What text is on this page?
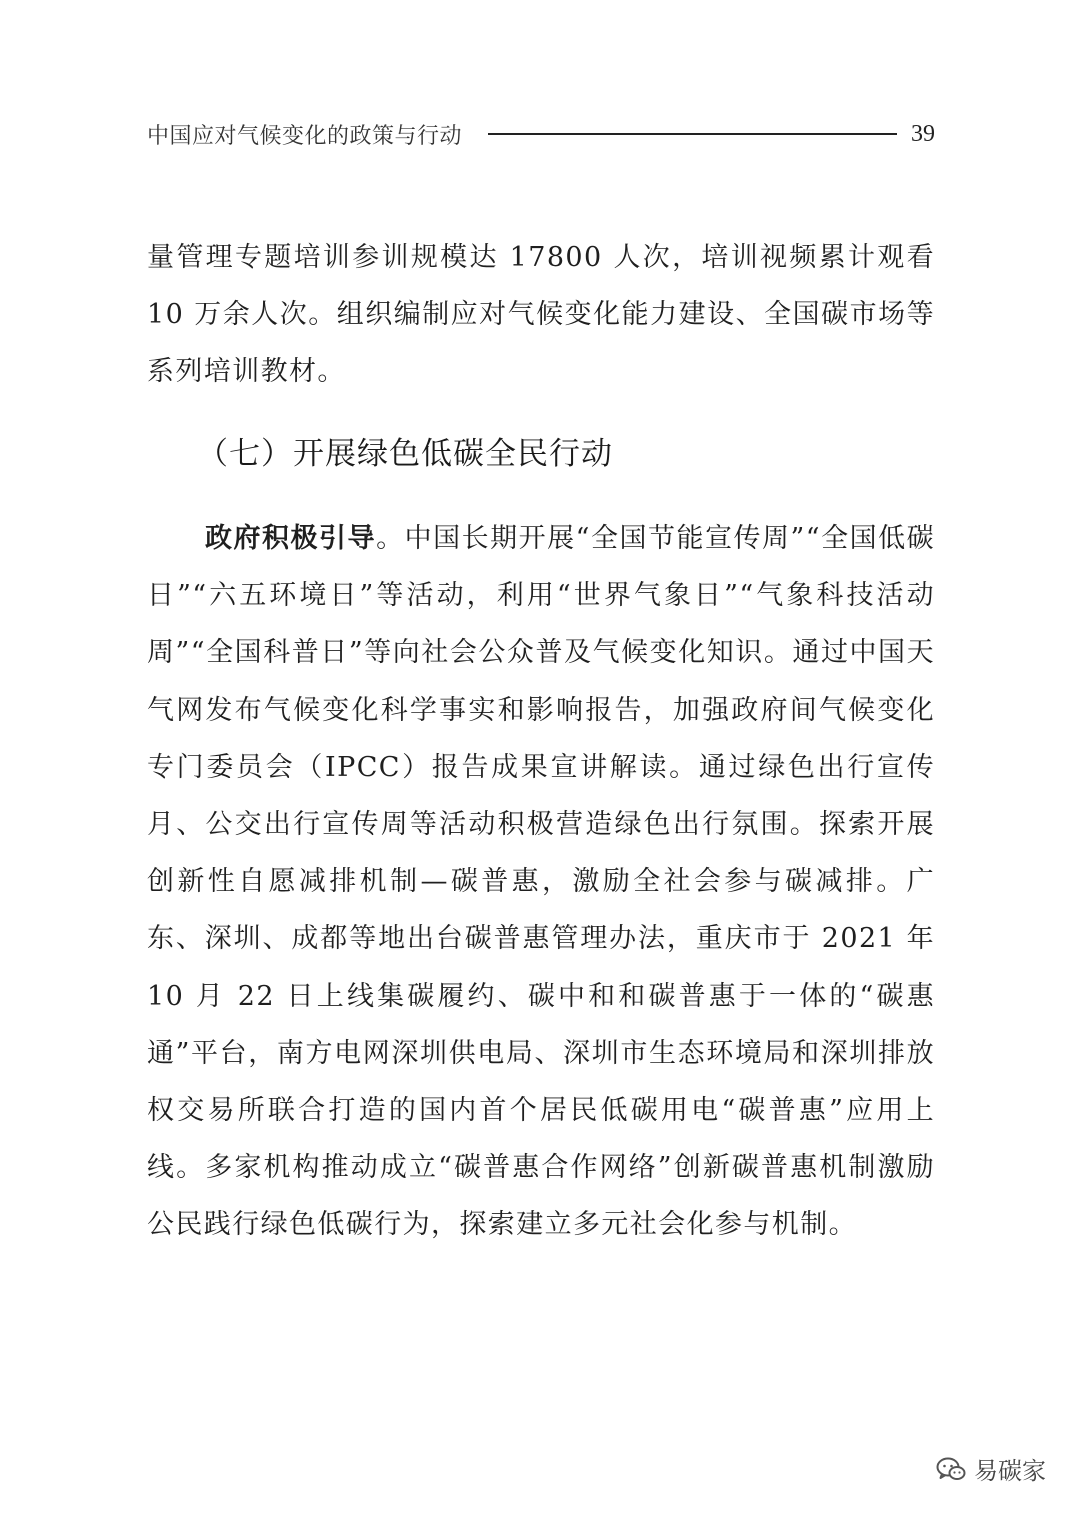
中国应对气候变化的政策与行动	39

量管理专题培训参训规模达 17800 人次，培训视频累计观看 10 万余人次。组织编制应对气候变化能力建设、全国碳市场等系列培训教材。

（七）开展绿色低碳全民行动

政府积极引导。中国长期开展“全国节能宣传周”“全国低碳日”“六五环境日”等活动，利用“世界气象日”“气象科技活动周”“全国科普日”等向社会公众普及气候变化知识。通过中国天气网发布气候变化科学事实和影响报告，加强政府间气候变化专门委员会（IPCC）报告成果宣讲解读。通过绿色出行宣传月、公交出行宣传周等活动积极营造绿色出行氛围。探索开展创新性自愿减排机制—碳普惠，激励全社会参与碳减排。广东、深圳、成都等地出台碳普惠管理办法，重庆市于 2021 年 10 月 22 日上线集碳履约、碳中和和碳普惠于一体的“碳惠通”平台，南方电网深圳供电局、深圳市生态环境局和深圳排放权交易所联合打造的国内首个居民低碳用电“碳普惠”应用上线。多家机构推动成立“碳普惠合作网络”创新碳普惠机制激励公民践行绿色低碳行为，探索建立多元社会化参与机制。

易碳家
